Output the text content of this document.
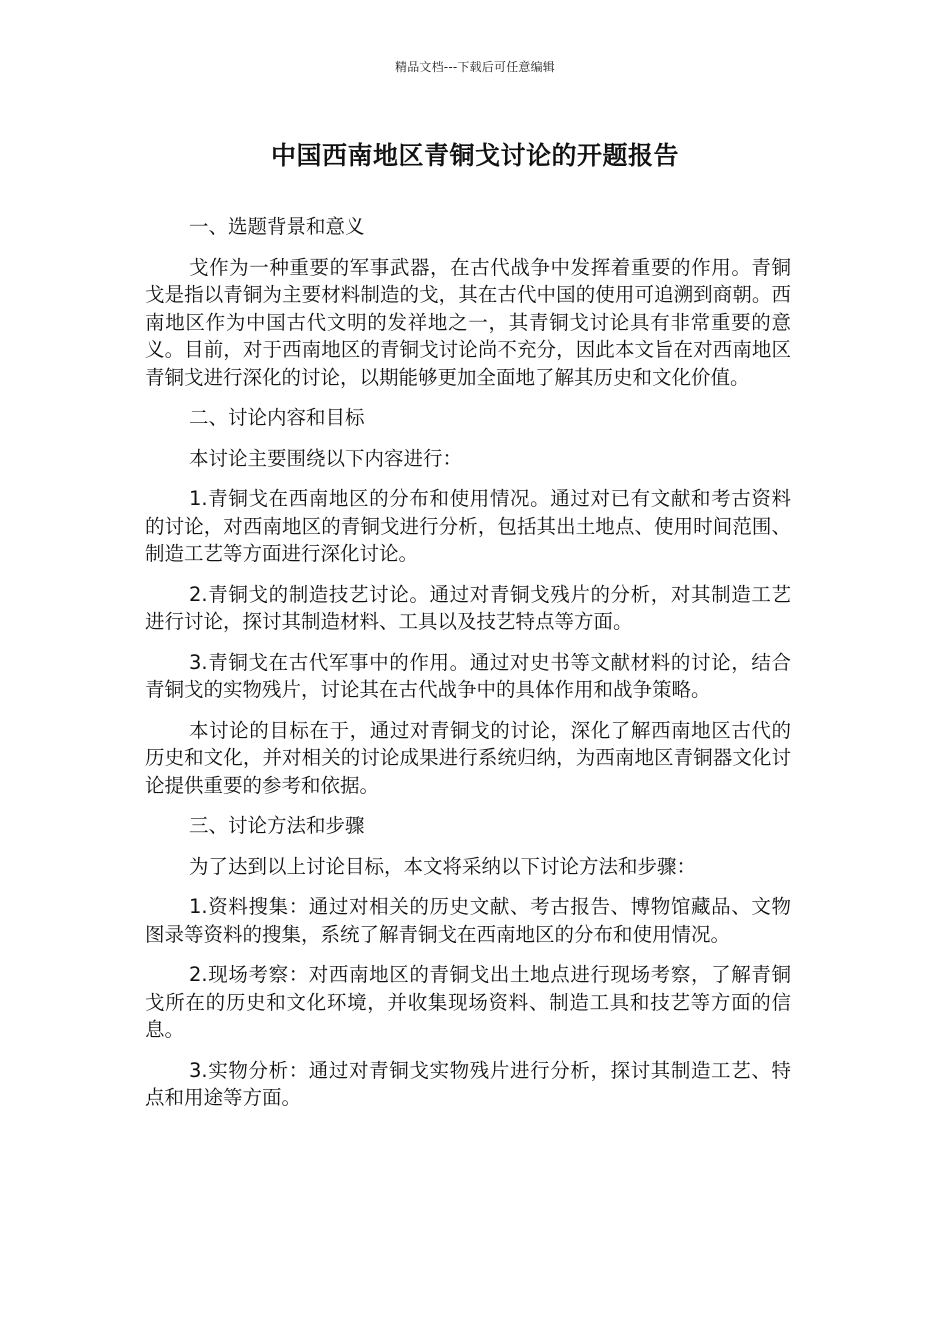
精品文档---下载后可任意编辑
中国西南地区青铜戈讨论的开题报告
一、选题背景和意义
戈作为一种重要的军事武器，在古代战争中发挥着重要的作用。青铜戈是指以青铜为主要材料制造的戈，其在古代中国的使用可追溯到商朝。西南地区作为中国古代文明的发祥地之一，其青铜戈讨论具有非常重要的意义。目前，对于西南地区的青铜戈讨论尚不充分，因此本文旨在对西南地区青铜戈进行深化的讨论，以期能够更加全面地了解其历史和文化价值。
二、讨论内容和目标
本讨论主要围绕以下内容进行：
1.青铜戈在西南地区的分布和使用情况。通过对已有文献和考古资料的讨论，对西南地区的青铜戈进行分析，包括其出土地点、使用时间范围、制造工艺等方面进行深化讨论。
2.青铜戈的制造技艺讨论。通过对青铜戈残片的分析，对其制造工艺进行讨论，探讨其制造材料、工具以及技艺特点等方面。
3.青铜戈在古代军事中的作用。通过对史书等文献材料的讨论，结合青铜戈的实物残片，讨论其在古代战争中的具体作用和战争策略。
本讨论的目标在于，通过对青铜戈的讨论，深化了解西南地区古代的历史和文化，并对相关的讨论成果进行系统归纳，为西南地区青铜器文化讨论提供重要的参考和依据。
三、讨论方法和步骤
为了达到以上讨论目标，本文将采纳以下讨论方法和步骤：
1.资料搜集：通过对相关的历史文献、考古报告、博物馆藏品、文物图录等资料的搜集，系统了解青铜戈在西南地区的分布和使用情况。
2.现场考察：对西南地区的青铜戈出土地点进行现场考察，了解青铜戈所在的历史和文化环境，并收集现场资料、制造工具和技艺等方面的信息。
3.实物分析：通过对青铜戈实物残片进行分析，探讨其制造工艺、特点和用途等方面。
